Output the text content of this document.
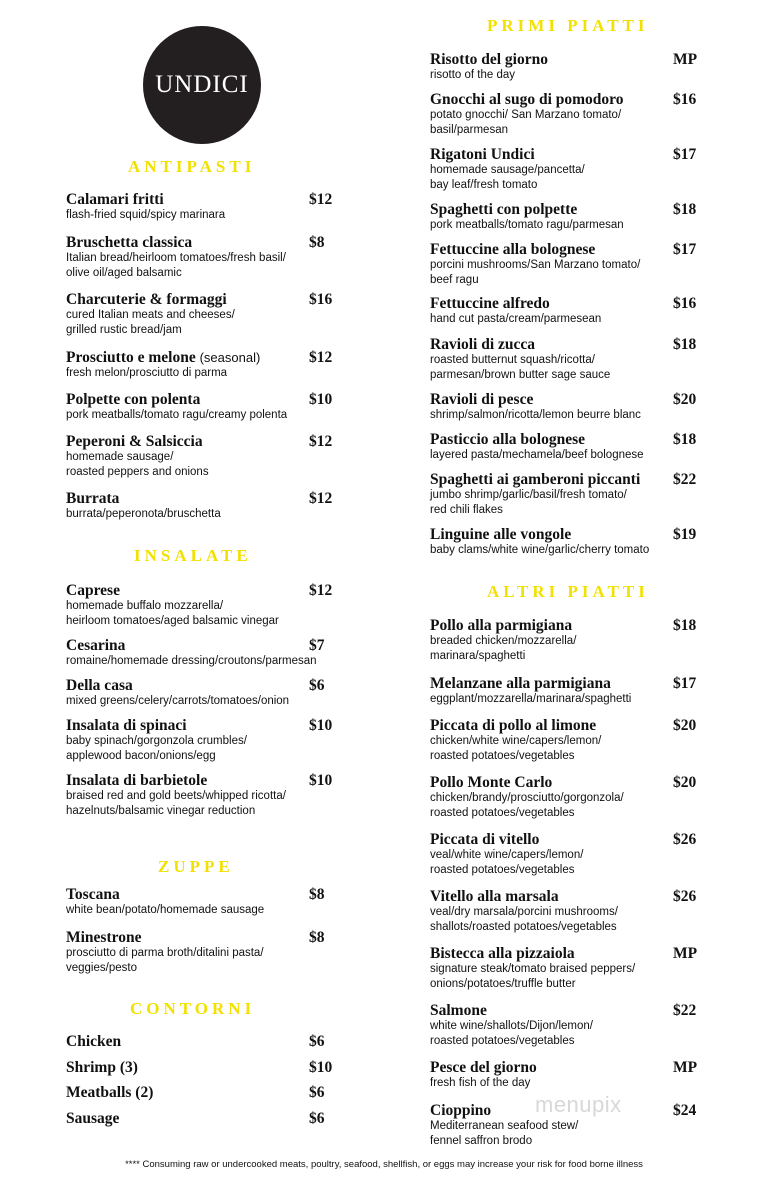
UNDICI
ANTIPASTI
INSALATE
ZUPPE
CONTORNI
PRIMI PIATTI
ALTRI PIATTI
Calamari fritti
flash-fried squid/spicy marinara
$12
Bruschetta classica
Italian bread/heirloom tomatoes/fresh basil/
olive oil/aged balsamic
$8
Charcuterie & formaggi
cured Italian meats and cheeses/
grilled rustic bread/jam
$16
Prosciutto e melone (seasonal)
fresh melon/prosciutto di parma
$12
Polpette con polenta
pork meatballs/tomato ragu/creamy polenta
$10
Peperoni & Salsiccia
homemade sausage/
roasted peppers and onions
$12
Burrata
burrata/peperonota/bruschetta
$12
Caprese
homemade buffalo mozzarella/
heirloom tomatoes/aged balsamic vinegar
$12
Cesarina
romaine/homemade dressing/croutons/parmesan
$7
Della casa
mixed greens/celery/carrots/tomatoes/onion
$6
Insalata di spinaci
baby spinach/gorgonzola crumbles/
applewood bacon/onions/egg
$10
Insalata di barbietole
braised red and gold beets/whipped ricotta/
hazelnuts/balsamic vinegar reduction
$10
Toscana
white bean/potato/homemade sausage
$8
Minestrone
prosciutto di parma broth/ditalini pasta/
veggies/pesto
$8
Risotto del giorno
risotto of the day
MP
Gnocchi al sugo di pomodoro
potato gnocchi/ San Marzano tomato/
basil/parmesan
$16
Rigatoni Undici
homemade sausage/pancetta/
bay leaf/fresh tomato
$17
Spaghetti con polpette
pork meatballs/tomato ragu/parmesan
$18
Fettuccine alla bolognese
porcini mushrooms/San Marzano tomato/
beef ragu
$17
Fettuccine alfredo
hand cut pasta/cream/parmesean
$16
Ravioli di zucca
roasted butternut squash/ricotta/
parmesan/brown butter sage sauce
$18
Ravioli di pesce
shrimp/salmon/ricotta/lemon beurre blanc
$20
Pasticcio alla bolognese
layered pasta/mechamela/beef bolognese
$18
Spaghetti ai gamberoni piccanti
jumbo shrimp/garlic/basil/fresh tomato/
red chili flakes
$22
Linguine alle vongole
baby clams/white wine/garlic/cherry tomato
$19
Pollo alla parmigiana
breaded chicken/mozzarella/
marinara/spaghetti
$18
Melanzane alla parmigiana
eggplant/mozzarella/marinara/spaghetti
$17
Piccata di pollo al limone
chicken/white wine/capers/lemon/
roasted potatoes/vegetables
$20
Pollo Monte Carlo
chicken/brandy/prosciutto/gorgonzola/
roasted potatoes/vegetables
$20
Piccata di vitello
veal/white wine/capers/lemon/
roasted potatoes/vegetables
$26
Vitello alla marsala
veal/dry marsala/porcini mushrooms/
shallots/roasted potatoes/vegetables
$26
Bistecca alla pizzaiola
signature steak/tomato braised peppers/
onions/potatoes/truffle butter
MP
Salmone
white wine/shallots/Dijon/lemon/
roasted potatoes/vegetables
$22
Pesce del giorno
fresh fish of the day
MP
Cioppino
Mediterranean seafood stew/
fennel saffron brodo
$24
Chicken	$6
Shrimp (3)	$10
Meatballs (2)	$6
Sausage	$6
**** Consuming raw or undercooked meats, poultry, seafood, shellfish, or eggs may increase your risk for food borne illness
menupix
